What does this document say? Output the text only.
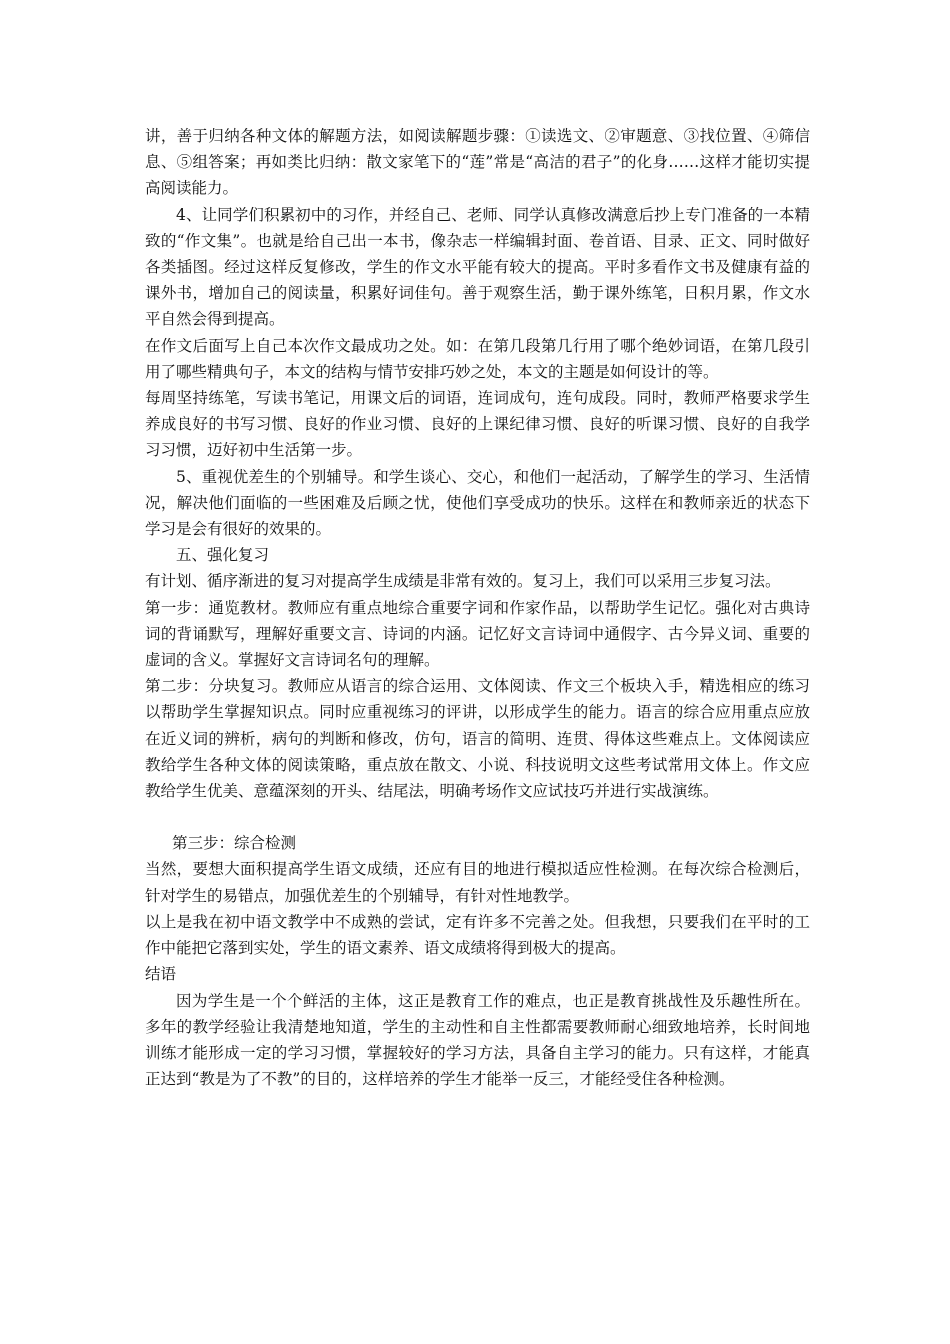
讲，善于归纳各种文体的解题方法，如阅读解题步骤：①读选文、②审题意、③找位置、④筛信息、⑤组答案；再如类比归纳：散文家笔下的“莲”常是“高洁的君子”的化身……这样才能切实提高阅读能力。

4、让同学们积累初中的习作，并经自己、老师、同学认真修改满意后抄上专门准备的一本精致的“作文集”。也就是给自己出一本书，像杂志一样编辑封面、卷首语、目录、正文、同时做好各类插图。经过这样反复修改，学生的作文水平能有较大的提高。平时多看作文书及健康有益的课外书，增加自己的阅读量，积累好词佳句。善于观察生活，勤于课外练笔，日积月累，作文水平自然会得到提高。

在作文后面写上自己本次作文最成功之处。如：在第几段第几行用了哪个绝妙词语，在第几段引用了哪些精典句子，本文的结构与情节安排巧妙之处，本文的主题是如何设计的等。

每周坚持练笔，写读书笔记，用课文后的词语，连词成句，连句成段。同时，教师严格要求学生养成良好的书写习惯、良好的作业习惯、良好的上课纪律习惯、良好的听课习惯、良好的自我学习习惯，迈好初中生活第一步。

5、重视优差生的个别辅导。和学生谈心、交心，和他们一起活动，了解学生的学习、生活情况，解决他们面临的一些困难及后顾之忧，使他们享受成功的快乐。这样在和教师亲近的状态下学习是会有很好的效果的。

五、强化复习

有计划、循序渐进的复习对提高学生成绩是非常有效的。复习上，我们可以采用三步复习法。

第一步：通览教材。教师应有重点地综合重要字词和作家作品，以帮助学生记忆。强化对古典诗词的背诵默写，理解好重要文言、诗词的内涵。记忆好文言诗词中通假字、古今异义词、重要的虚词的含义。掌握好文言诗词名句的理解。

第二步：分块复习。教师应从语言的综合运用、文体阅读、作文三个板块入手，精选相应的练习以帮助学生掌握知识点。同时应重视练习的评讲，以形成学生的能力。语言的综合应用重点应放在近义词的辨析，病句的判断和修改，仿句，语言的简明、连贯、得体这些难点上。文体阅读应教给学生各种文体的阅读策略，重点放在散文、小说、科技说明文这些考试常用文体上。作文应教给学生优美、意蕴深刻的开头、结尾法，明确考场作文应试技巧并进行实战演练。

第三步：综合检测

当然，要想大面积提高学生语文成绩，还应有目的地进行模拟适应性检测。在每次综合检测后，针对学生的易错点，加强优差生的个别辅导，有针对性地教学。

以上是我在初中语文教学中不成熟的尝试，定有许多不完善之处。但我想，只要我们在平时的工作中能把它落到实处，学生的语文素养、语文成绩将得到极大的提高。

结语

因为学生是一个个鲜活的主体，这正是教育工作的难点，也正是教育挑战性及乐趣性所在。多年的教学经验让我清楚地知道，学生的主动性和自主性都需要教师耐心细致地培养，长时间地训练才能形成一定的学习习惯，掌握较好的学习方法，具备自主学习的能力。只有这样，才能真正达到“教是为了不教”的目的，这样培养的学生才能举一反三，才能经受住各种检测。
